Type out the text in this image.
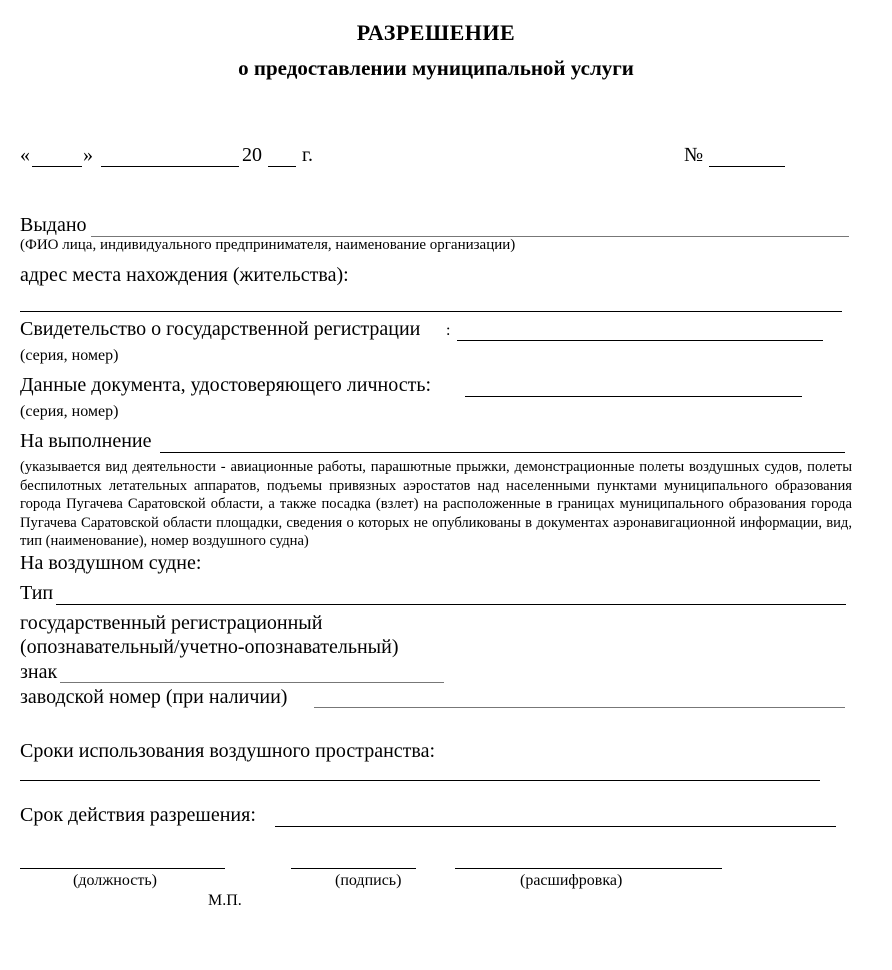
РАЗРЕШЕНИЕ
о предоставлении муниципальной услуги
«	»	20 г.	№
Выдано
(ФИО лица, индивидуального предпринимателя, наименование организации)
адрес места нахождения (жительства):
Свидетельство о государственной регистрации :
(серия, номер)
Данные документа, удостоверяющего личность:
(серия, номер)
На выполнение
(указывается вид деятельности - авиационные работы, парашютные прыжки, демонстрационные полеты воздушных судов, полеты беспилотных летательных аппаратов, подъемы привязных аэростатов над населенными пунктами муниципального образования города Пугачева Саратовской области, а также посадка (взлет) на расположенные в границах муниципального образования города Пугачева Саратовской области площадки, сведения о которых не опубликованы в документах аэронавигационной информации, вид, тип (наименование), номер воздушного судна)
На воздушном судне:
Тип
государственный регистрационный
(опознавательный/учетно-опознавательный)
знак
заводской номер (при наличии)
Сроки использования воздушного пространства:
Срок действия разрешения:
(должность)	(подпись)	(расшифровка)
М.П.
